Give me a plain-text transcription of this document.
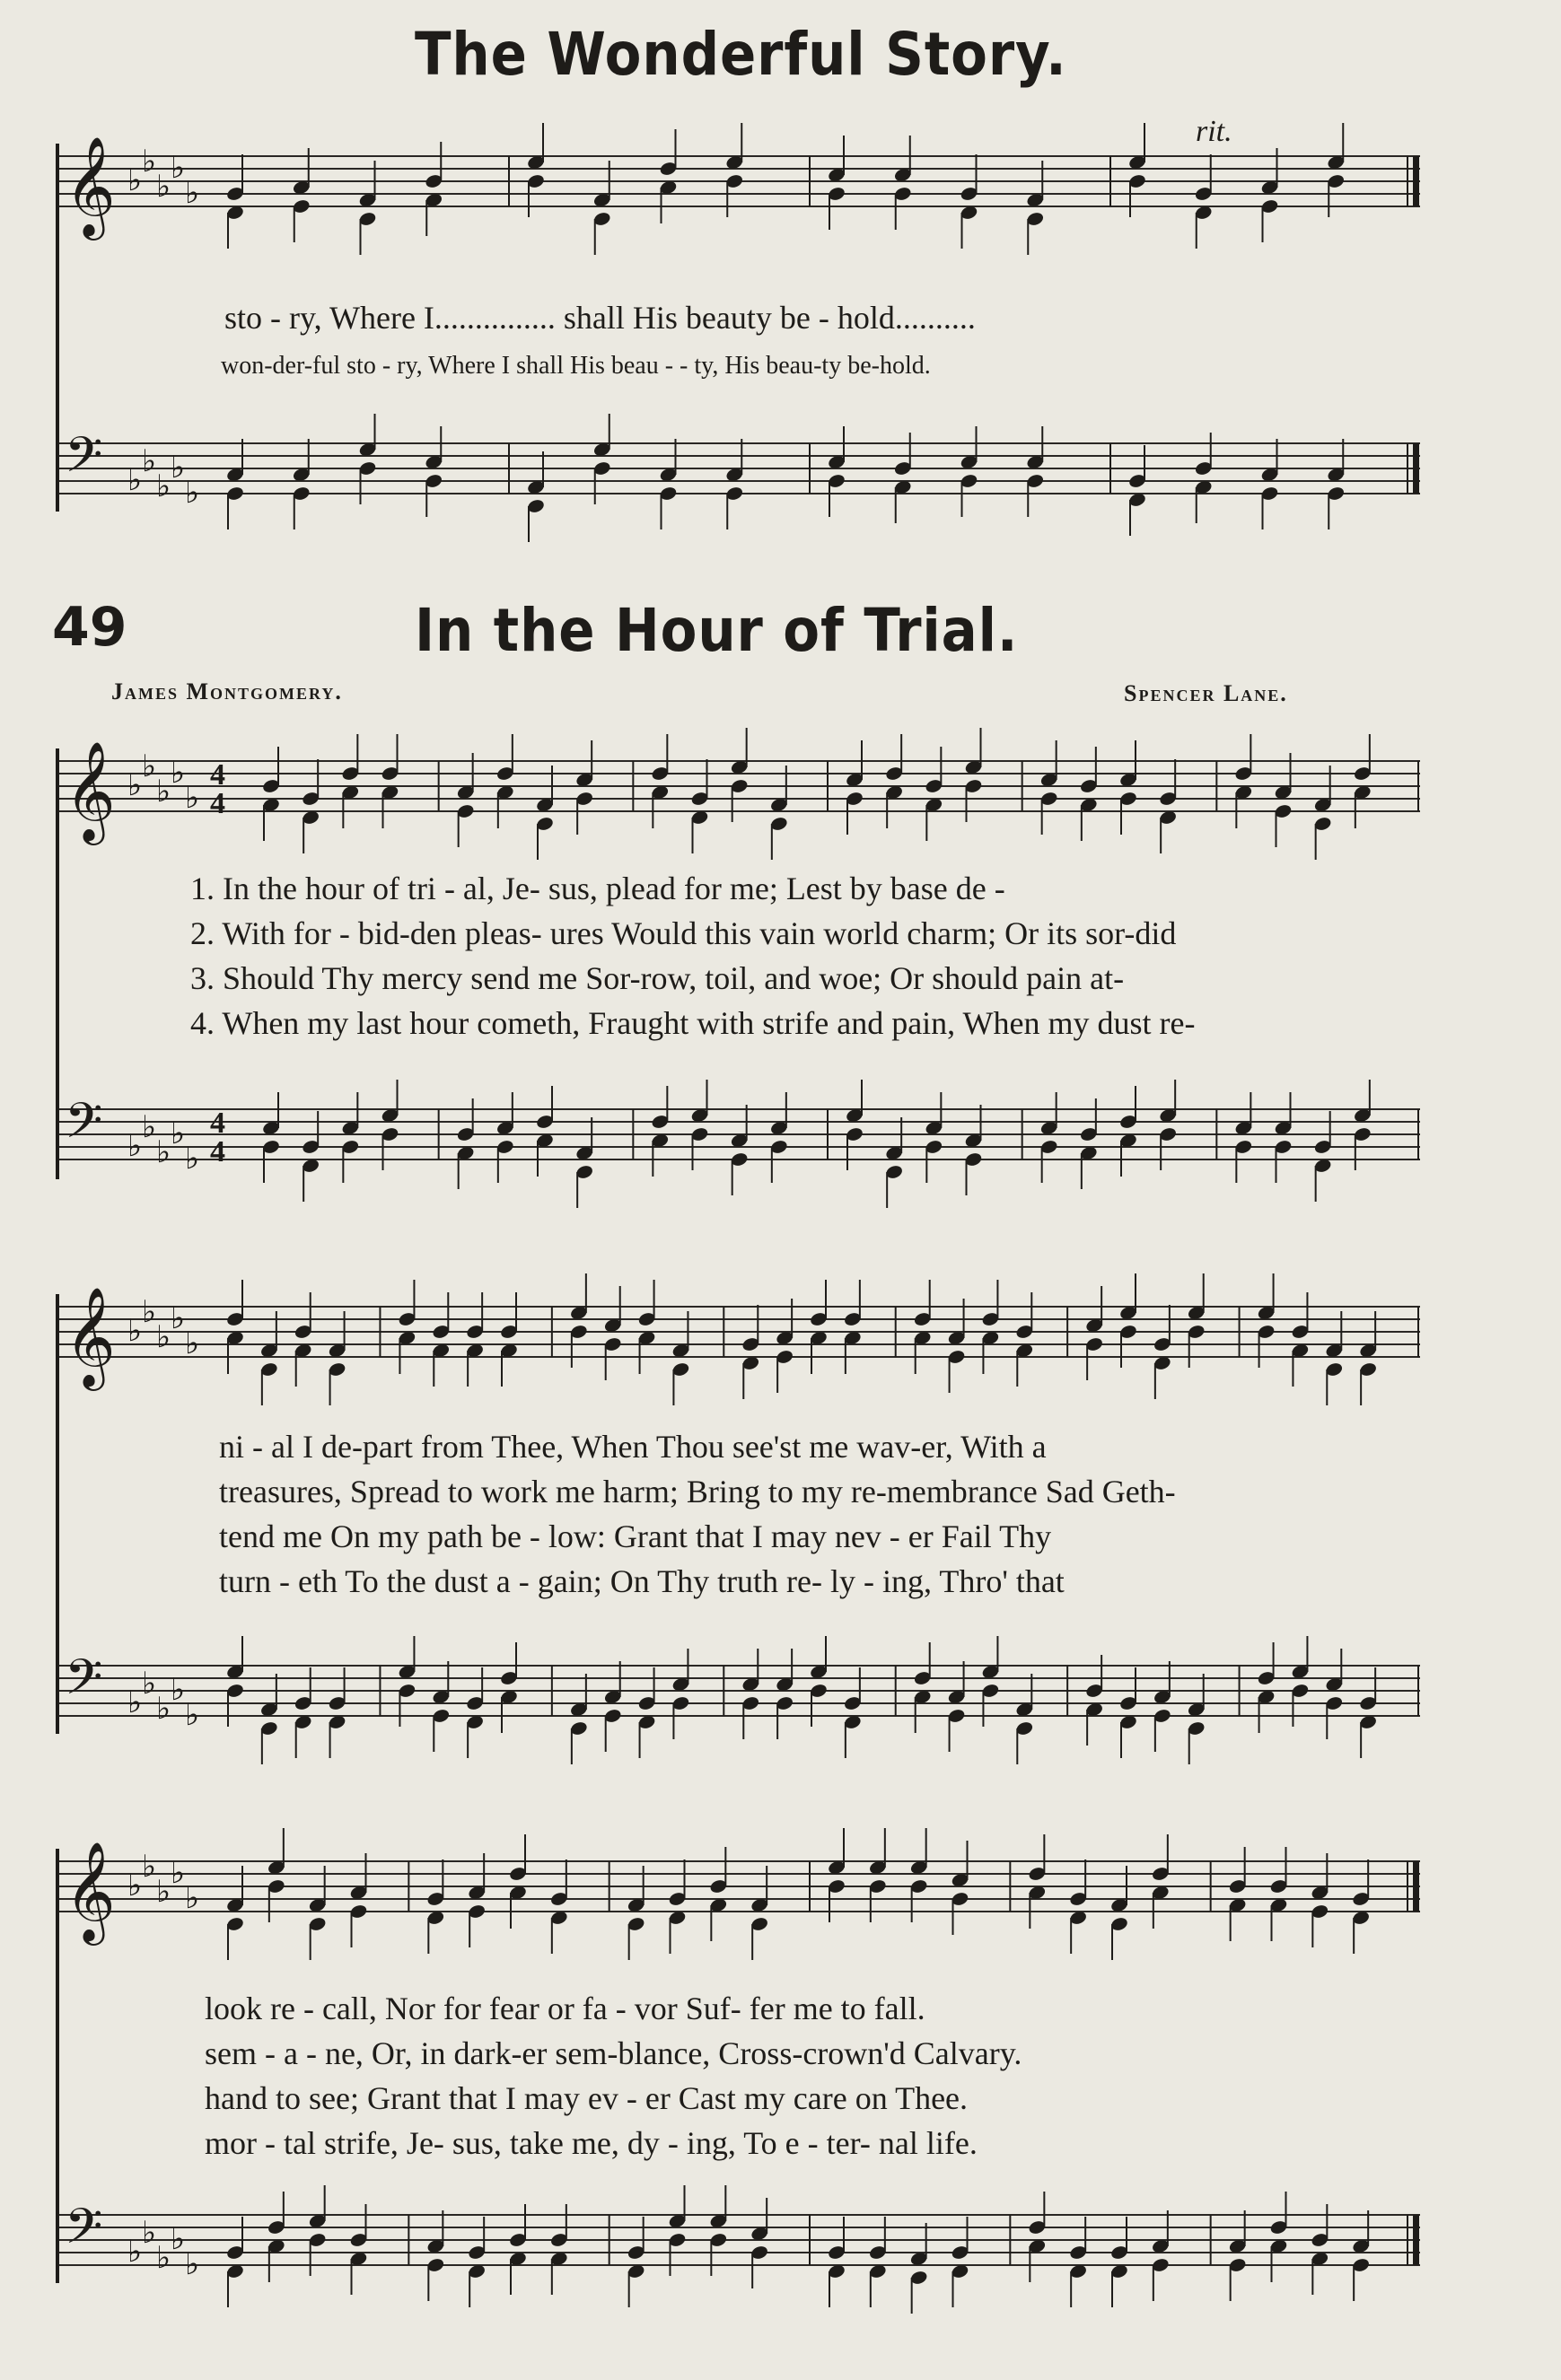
The Wonderful Story.
rit.
𝄞 ♭
♭
♭
♭
♭
sto - ry, Where I............... shall His beauty be - hold..........
won-der-ful sto - ry, Where I shall His beau - - ty, His beau-ty be-hold.
𝄢 ♭
♭
♭
♭
♭
49	In the Hour of Trial.
James Montgomery.	Spencer Lane.
𝄞 ♭
♭
♭
♭
♭
4
4
1. In the hour of tri - al, Je- sus, plead for me; Lest by base de -
2. With for - bid-den pleas- ures Would this vain world charm; Or its sor-did
3. Should Thy mercy send me Sor-row, toil, and woe; Or should pain at-
4. When my last hour cometh, Fraught with strife and pain, When my dust re-
𝄢 ♭
♭
♭
♭
♭
4
4
𝄞 ♭
♭
♭
♭
♭
ni - al I de-part from Thee, When Thou see'st me wav-er, With a
treasures, Spread to work me harm; Bring to my re-membrance Sad Geth-
tend me On my path be - low: Grant that I may nev - er Fail Thy
turn - eth To the dust a - gain; On Thy truth re- ly - ing, Thro' that
𝄢 ♭
♭
♭
♭
♭
𝄞 ♭
♭
♭
♭
♭
look re - call, Nor for fear or fa - vor Suf- fer me to fall.
sem - a - ne, Or, in dark-er sem-blance, Cross-crown'd Calvary.
hand to see; Grant that I may ev - er Cast my care on Thee.
mor - tal strife, Je- sus, take me, dy - ing, To e - ter- nal life.
𝄢 ♭
♭
♭
♭
♭
